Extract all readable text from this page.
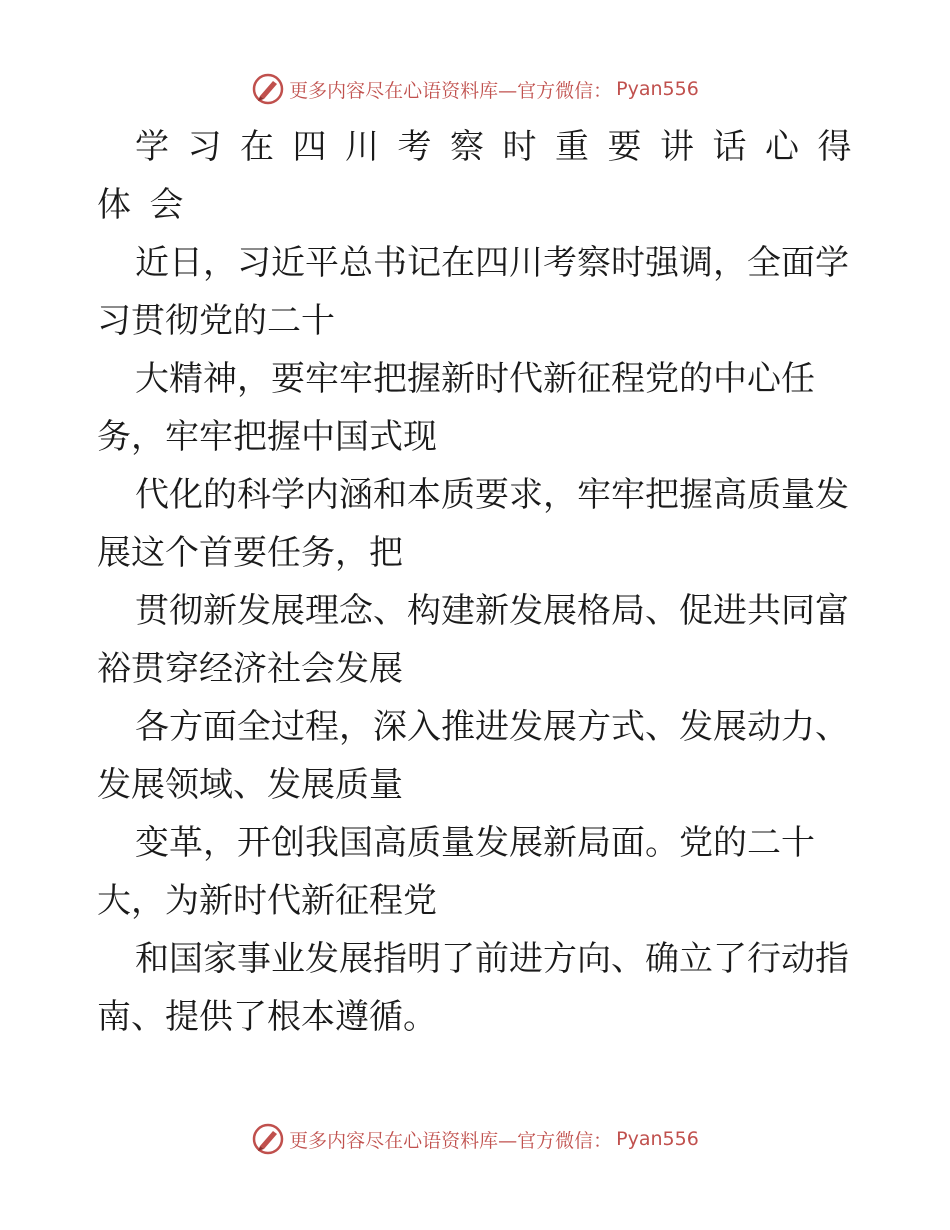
更多内容尽在心语资料库—官方微信： Pyan556
学习在四川考察时重要讲话心得
体会
近日，习近平总书记在四川考察时强调，全面学
习贯彻党的二十
大精神，要牢牢把握新时代新征程党的中心任
务，牢牢把握中国式现
代化的科学内涵和本质要求，牢牢把握高质量发
展这个首要任务，把
贯彻新发展理念、构建新发展格局、促进共同富
裕贯穿经济社会发展
各方面全过程，深入推进发展方式、发展动力、
发展领域、发展质量
变革，开创我国高质量发展新局面。党的二十
大，为新时代新征程党
和国家事业发展指明了前进方向、确立了行动指
南、提供了根本遵循。
更多内容尽在心语资料库—官方微信： Pyan556
